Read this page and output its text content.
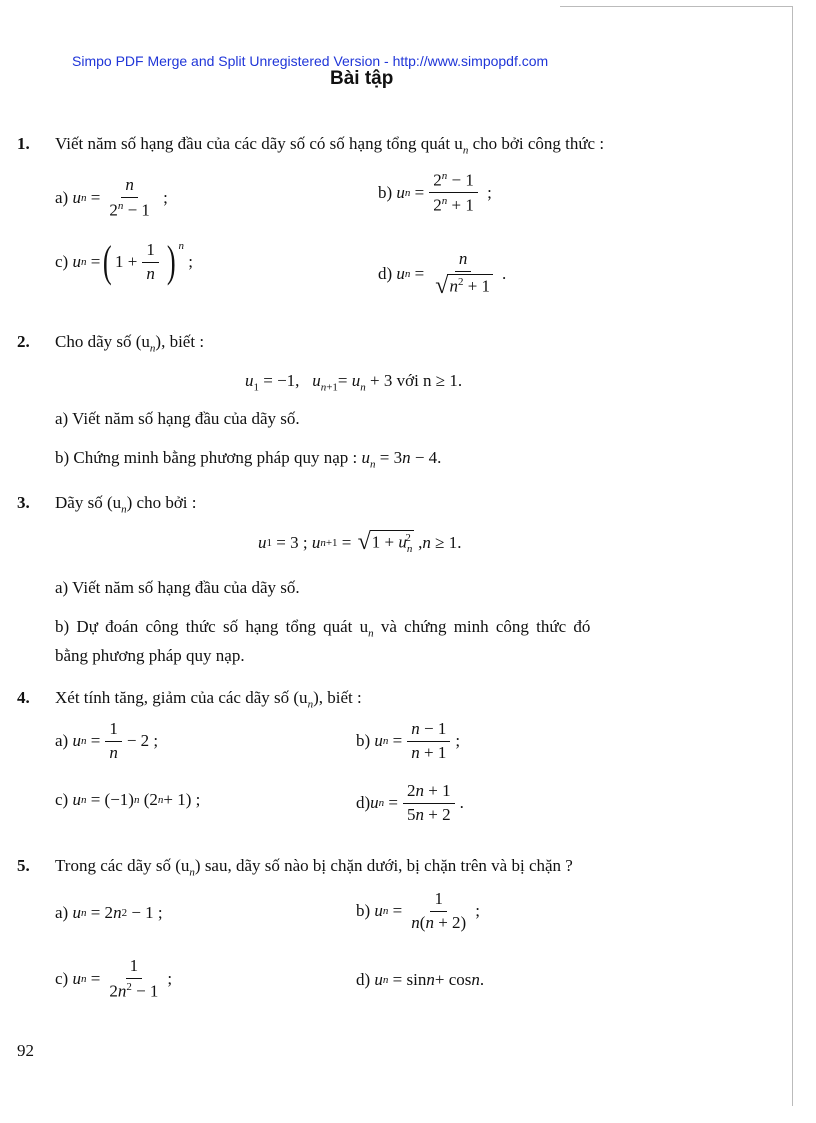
Simpo PDF Merge and Split Unregistered Version - http://www.simpopdf.com
Bài tập
1. Viết năm số hạng đầu của các dãy số có số hạng tổng quát $u_n$ cho bởi công thức :
a)
u $n = \frac{n}{2^n - 1}$ ;	b)
u $n = \frac{2^n - 1}{2^n + 1}$ ;
c)
u n = ( $1 + \frac{1}{n}$ ) $^n$
;
d)
u $n = \frac{n}{√ n^2 + 1}$ .
2. Cho dãy số $(u_n)$, biết :
$u_1 = -1$,   $u_{n+1}= u_n + 3$ với n ≥ 1.
a) Viết năm số hạng đầu của dãy số.
b) Chứng minh bằng phương pháp quy nạp : $u_n = 3n - 4$.
3. Dãy số $(u_n)$ cho bởi :
u 1 = 3 ; u n+1 = √ $1 + u_n^2$ , n ≥ 1.
a) Viết năm số hạng đầu của dãy số.
b) Dự đoán công thức số hạng tổng quát $u_n$ và chứng minh công thức đó
bằng phương pháp quy nạp.
4. Xét tính tăng, giảm của các dãy số $(u_n)$, biết :
a)
u $n = \frac{1}{n} - 2$ ;	b)
u $n = \frac{n - 1}{n + 1}$ ;
c)
u n = (−1) n (2 n + 1) ;	d) u $n = \frac{2n + 1}{5n + 2}$ .
5. Trong các dãy số $(u_n)$ sau, dãy số nào bị chặn dưới, bị chặn trên và bị chặn ?
a)
u n = 2 n 2 − 1 ;	b)
u $n = \frac{1}{n(n + 2)}$ ;
c)
u $n = \frac{1}{2n^2 - 1}$ ;	d)
u n = sin n + cos n .
92
